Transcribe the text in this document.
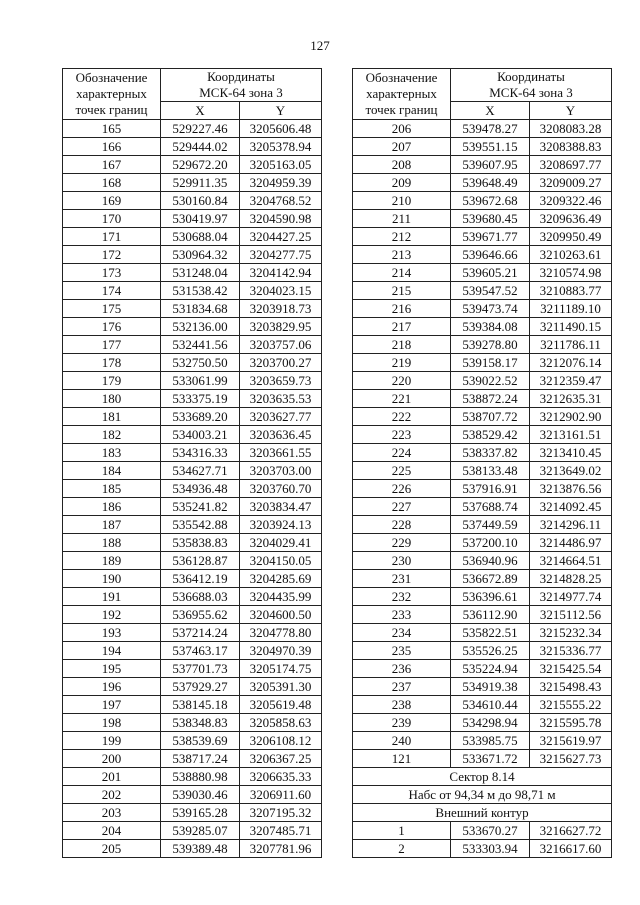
127
Обозначение
характерных
точек границ	Координаты
МСК-64 зона 3	
	X	Y
165	529227.46	3205606.48
166	529444.02	3205378.94
167	529672.20	3205163.05
168	529911.35	3204959.39
169	530160.84	3204768.52
170	530419.97	3204590.98
171	530688.04	3204427.25
172	530964.32	3204277.75
173	531248.04	3204142.94
174	531538.42	3204023.15
175	531834.68	3203918.73
176	532136.00	3203829.95
177	532441.56	3203757.06
178	532750.50	3203700.27
179	533061.99	3203659.73
180	533375.19	3203635.53
181	533689.20	3203627.77
182	534003.21	3203636.45
183	534316.33	3203661.55
184	534627.71	3203703.00
185	534936.48	3203760.70
186	535241.82	3203834.47
187	535542.88	3203924.13
188	535838.83	3204029.41
189	536128.87	3204150.05
190	536412.19	3204285.69
191	536688.03	3204435.99
192	536955.62	3204600.50
193	537214.24	3204778.80
194	537463.17	3204970.39
195	537701.73	3205174.75
196	537929.27	3205391.30
197	538145.18	3205619.48
198	538348.83	3205858.63
199	538539.69	3206108.12
200	538717.24	3206367.25
201	538880.98	3206635.33
202	539030.46	3206911.60
203	539165.28	3207195.32
204	539285.07	3207485.71
205	539389.48	3207781.96
Обозначение
характерных
точек границ	Координаты
МСК-64 зона 3	
	X	Y
206	539478.27	3208083.28
207	539551.15	3208388.83
208	539607.95	3208697.77
209	539648.49	3209009.27
210	539672.68	3209322.46
211	539680.45	3209636.49
212	539671.77	3209950.49
213	539646.66	3210263.61
214	539605.21	3210574.98
215	539547.52	3210883.77
216	539473.74	3211189.10
217	539384.08	3211490.15
218	539278.80	3211786.11
219	539158.17	3212076.14
220	539022.52	3212359.47
221	538872.24	3212635.31
222	538707.72	3212902.90
223	538529.42	3213161.51
224	538337.82	3213410.45
225	538133.48	3213649.02
226	537916.91	3213876.56
227	537688.74	3214092.45
228	537449.59	3214296.11
229	537200.10	3214486.97
230	536940.96	3214664.51
231	536672.89	3214828.25
232	536396.61	3214977.74
233	536112.90	3215112.56
234	535822.51	3215232.34
235	535526.25	3215336.77
236	535224.94	3215425.54
237	534919.38	3215498.43
238	534610.44	3215555.22
239	534298.94	3215595.78
240	533985.75	3215619.97
121	533671.72	3215627.73
Сектор 8.14		
Набс от 94,34 м до 98,71 м		
Внешний контур		
1	533670.27	3216627.72
2	533303.94	3216617.60
